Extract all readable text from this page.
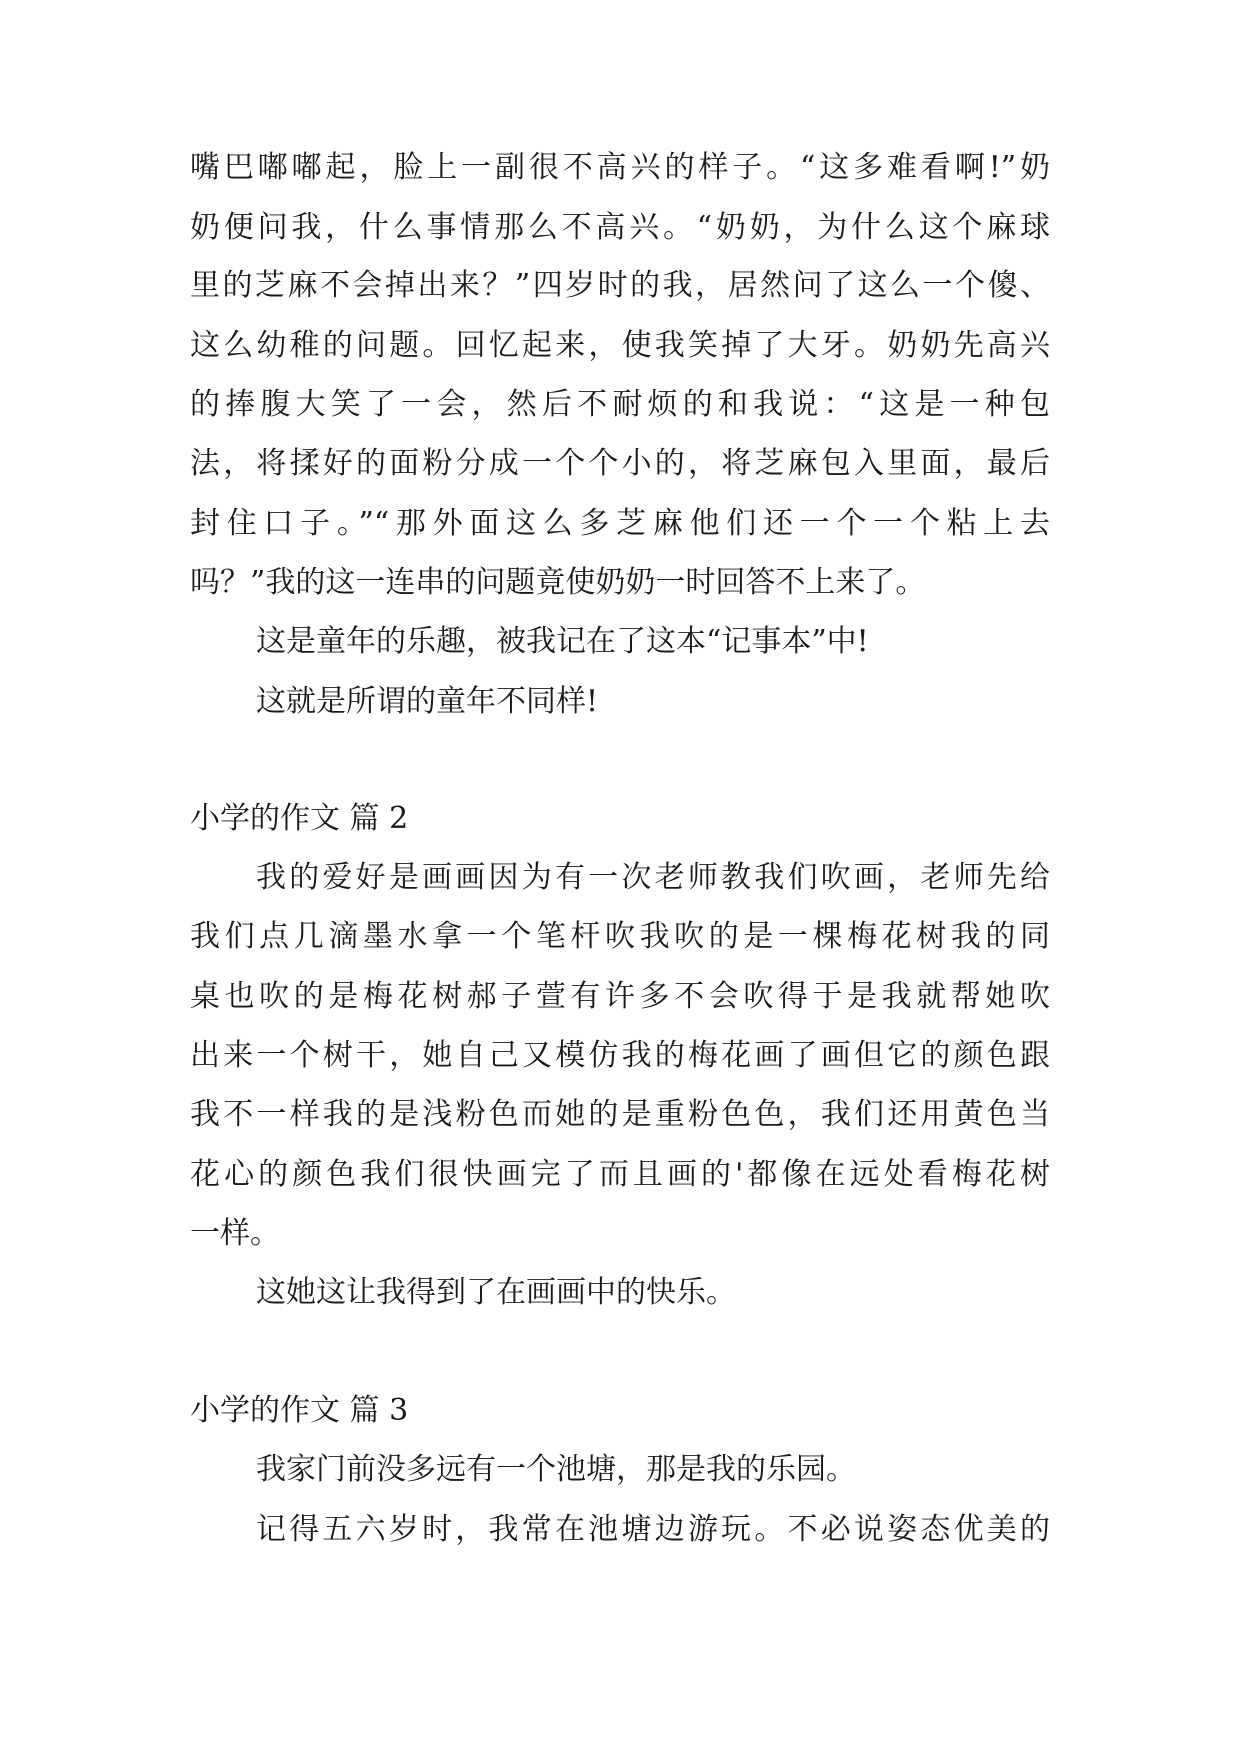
嘴巴嘟嘟起，脸上一副很不高兴的样子。“这多难看啊!”奶
奶便问我，什么事情那么不高兴。“奶奶，为什么这个麻球
里的芝麻不会掉出来？”四岁时的我，居然问了这么一个傻、
这么幼稚的问题。回忆起来，使我笑掉了大牙。奶奶先高兴
的捧腹大笑了一会，然后不耐烦的和我说：“这是一种包
法，将揉好的面粉分成一个个小的，将芝麻包入里面，最后
封住口子。”“那外面这么多芝麻他们还一个一个粘上去
吗？”我的这一连串的问题竟使奶奶一时回答不上来了。
这是童年的乐趣，被我记在了这本“记事本”中!
这就是所谓的童年不同样!
小学的作文 篇 2
我的爱好是画画因为有一次老师教我们吹画，老师先给
我们点几滴墨水拿一个笔杆吹我吹的是一棵梅花树我的同
桌也吹的是梅花树郝子萱有许多不会吹得于是我就帮她吹
出来一个树干，她自己又模仿我的梅花画了画但它的颜色跟
我不一样我的是浅粉色而她的是重粉色色，我们还用黄色当
花心的颜色我们很快画完了而且画的'都像在远处看梅花树
一样。
这她这让我得到了在画画中的快乐。
小学的作文 篇 3
我家门前没多远有一个池塘，那是我的乐园。
记得五六岁时，我常在池塘边游玩。不必说姿态优美的
